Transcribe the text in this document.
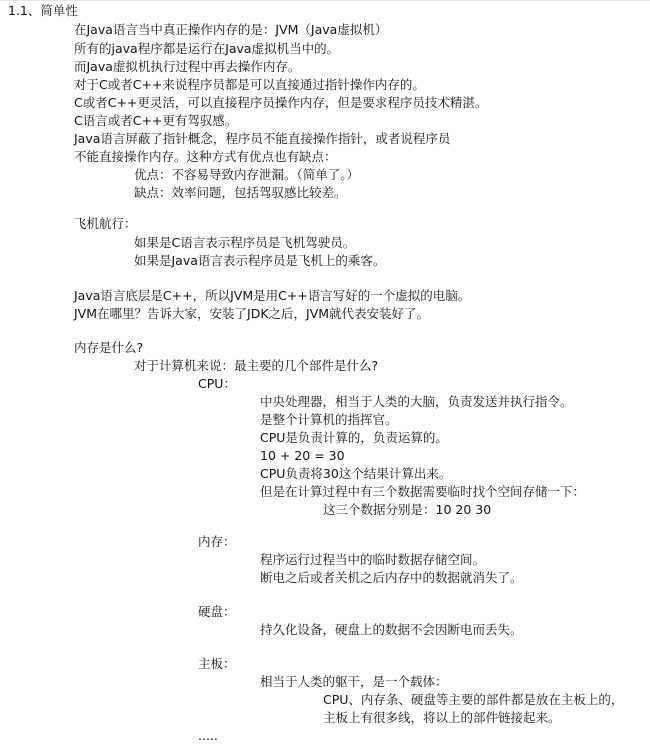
1.1、简单性
在Java语言当中真正操作内存的是：JVM（Java虚拟机）
所有的java程序都是运行在Java虚拟机当中的。
而Java虚拟机执行过程中再去操作内存。
对于C或者C++来说程序员都是可以直接通过指针操作内存的。
C或者C++更灵活，可以直接程序员操作内存，但是要求程序员技术精湛。
C语言或者C++更有驾驭感。
Java语言屏蔽了指针概念，程序员不能直接操作指针，或者说程序员
不能直接操作内存。这种方式有优点也有缺点：
优点：不容易导致内存泄漏。（简单了。）
缺点：效率问题，包括驾驭感比较差。
飞机航行：
如果是C语言表示程序员是飞机驾驶员。
如果是Java语言表示程序员是飞机上的乘客。
Java语言底层是C++，所以JVM是用C++语言写好的一个虚拟的电脑。
JVM在哪里？告诉大家，安装了JDK之后，JVM就代表安装好了。
内存是什么?
对于计算机来说：最主要的几个部件是什么?
CPU：
中央处理器，相当于人类的大脑，负责发送并执行指令。
是整个计算机的指挥官。
CPU是负责计算的，负责运算的。
10 + 20 = 30
CPU负责将30这个结果计算出来。
但是在计算过程中有三个数据需要临时找个空间存储一下：
这三个数据分别是：10 20 30
内存：
程序运行过程当中的临时数据存储空间。
断电之后或者关机之后内存中的数据就消失了。
硬盘：
持久化设备，硬盘上的数据不会因断电而丢失。
主板：
相当于人类的躯干，是一个载体：
CPU、内存条、硬盘等主要的部件都是放在主板上的，
主板上有很多线，将以上的部件链接起来。
.....
